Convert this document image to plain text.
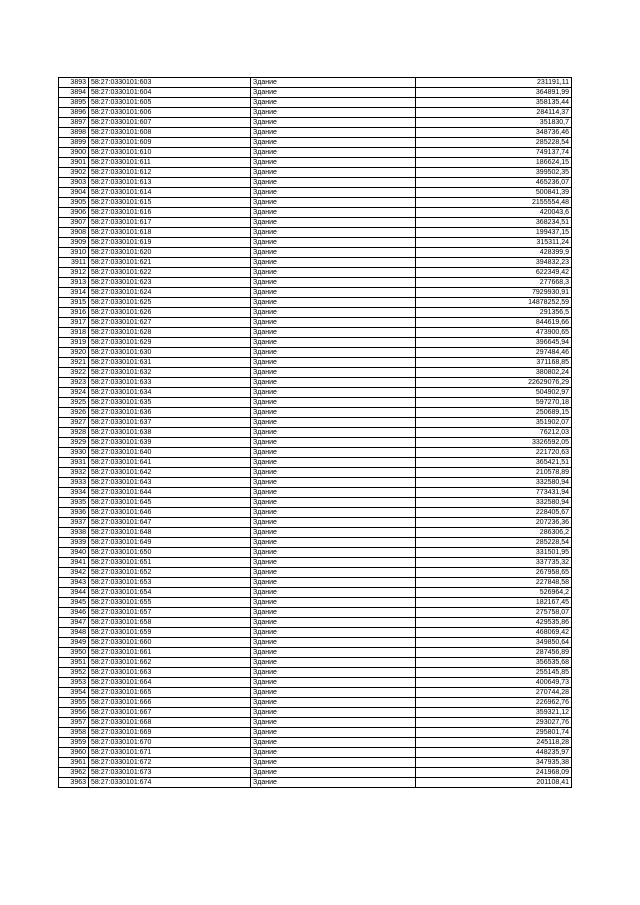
3893	58:27:0330101:603	Здание	231191,11
3894	58:27:0330101:604	Здание	364891,99
3895	58:27:0330101:605	Здание	358135,44
3896	58:27:0330101:606	Здание	284114,37
3897	58:27:0330101:607	Здание	351830,7
3898	58:27:0330101:608	Здание	348736,46
3899	58:27:0330101:609	Здание	285228,54
3900	58:27:0330101:610	Здание	749137,74
3901	58:27:0330101:611	Здание	186624,15
3902	58:27:0330101:612	Здание	399502,35
3903	58:27:0330101:613	Здание	465236,07
3904	58:27:0330101:614	Здание	500841,39
3905	58:27:0330101:615	Здание	2155554,48
3906	58:27:0330101:616	Здание	420043,6
3907	58:27:0330101:617	Здание	368234,51
3908	58:27:0330101:618	Здание	199437,15
3909	58:27:0330101:619	Здание	315311,24
3910	58:27:0330101:620	Здание	428399,9
3911	58:27:0330101:621	Здание	394832,23
3912	58:27:0330101:622	Здание	622349,42
3913	58:27:0330101:623	Здание	277668,3
3914	58:27:0330101:624	Здание	7929930,91
3915	58:27:0330101:625	Здание	14878252,59
3916	58:27:0330101:626	Здание	291356,5
3917	58:27:0330101:627	Здание	844619,66
3918	58:27:0330101:628	Здание	473900,65
3919	58:27:0330101:629	Здание	396645,94
3920	58:27:0330101:630	Здание	297484,46
3921	58:27:0330101:631	Здание	371168,85
3922	58:27:0330101:632	Здание	380802,24
3923	58:27:0330101:633	Здание	22629076,29
3924	58:27:0330101:634	Здание	504902,97
3925	58:27:0330101:635	Здание	597270,18
3926	58:27:0330101:636	Здание	250689,15
3927	58:27:0330101:637	Здание	351902,07
3928	58:27:0330101:638	Здание	76212,03
3929	58:27:0330101:639	Здание	3326592,05
3930	58:27:0330101:640	Здание	221720,63
3931	58:27:0330101:641	Здание	365421,51
3932	58:27:0330101:642	Здание	210578,89
3933	58:27:0330101:643	Здание	332580,94
3934	58:27:0330101:644	Здание	773431,94
3935	58:27:0330101:645	Здание	332580,94
3936	58:27:0330101:646	Здание	228405,67
3937	58:27:0330101:647	Здание	207236,36
3938	58:27:0330101:648	Здание	286306,2
3939	58:27:0330101:649	Здание	285228,54
3940	58:27:0330101:650	Здание	331501,95
3941	58:27:0330101:651	Здание	337735,32
3942	58:27:0330101:652	Здание	267958,65
3943	58:27:0330101:653	Здание	227848,58
3944	58:27:0330101:654	Здание	526964,2
3945	58:27:0330101:655	Здание	182167,45
3946	58:27:0330101:657	Здание	275758,07
3947	58:27:0330101:658	Здание	429535,86
3948	58:27:0330101:659	Здание	468069,42
3949	58:27:0330101:660	Здание	349850,64
3950	58:27:0330101:661	Здание	287456,89
3951	58:27:0330101:662	Здание	356535,68
3952	58:27:0330101:663	Здание	255145,85
3953	58:27:0330101:664	Здание	400649,73
3954	58:27:0330101:665	Здание	270744,28
3955	58:27:0330101:666	Здание	226962,76
3956	58:27:0330101:667	Здание	359321,12
3957	58:27:0330101:668	Здание	293027,76
3958	58:27:0330101:669	Здание	295801,74
3959	58:27:0330101:670	Здание	245118,28
3960	58:27:0330101:671	Здание	448235,97
3961	58:27:0330101:672	Здание	347935,38
3962	58:27:0330101:673	Здание	241968,09
3963	58:27:0330101:674	Здание	201108,41
